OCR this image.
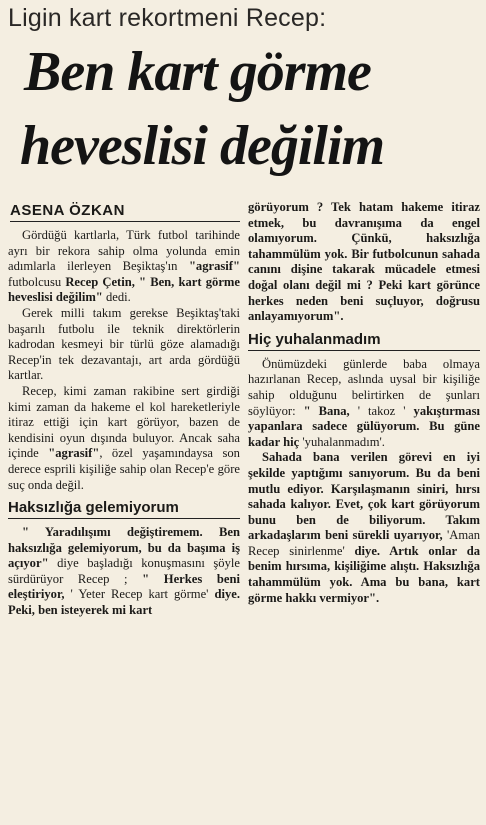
Ligin kart rekortmeni Recep:
Ben kart görme
heveslisi değilim
ASENA ÖZKAN

Gördüğü kartlarla, Türk futbol tarihinde ayrı bir rekora sahip olma yolunda emin adımlarla ilerleyen Beşiktaş'ın "agrasif" futbolcusu Recep Çetin, " Ben, kart görme heveslisi değilim" dedi.

Gerek milli takım gerekse Beşiktaş'taki başarılı futbolu ile teknik direktörlerin kadrodan kesmeyi bir türlü göze alamadığı Recep'in tek dezavantajı, art arda gördüğü kartlar.

Recep, kimi zaman rakibine sert girdiği kimi zaman da hakeme el kol hareketleriyle itiraz ettiği için kart görüyor, bazen de kendisini oyun dışında buluyor. Ancak saha içinde "agrasif", özel yaşamındaysa son derece esprili kişiliğe sahip olan Recep'e göre suç onda değil.

Haksızlığa gelemiyorum

" Yaradılışımı değiştiremem. Ben haksızlığa gelemiyorum, bu da başıma iş açıyor" diye başladığı konuşmasını şöyle sürdürüyor Recep ; " Herkes beni eleştiriyor, ' Yeter Recep kart görme' diye. Peki, ben isteyerek mi kart

görüyorum ? Tek hatam hakeme itiraz etmek, bu davranışıma da engel olamıyorum. Çünkü, haksızlığa tahammülüm yok. Bir futbolcunun sahada canını dişine takarak mücadele etmesi doğal olanı değil mi ? Peki kart görünce herkes neden beni suçluyor, doğrusu anlayamıyorum".

Hiç yuhalanmadım

Önümüzdeki günlerde baba olmaya hazırlanan Recep, aslında uysal bir kişiliğe sahip olduğunu belirtirken de şunları söylüyor: " Bana, ' takoz ' yakıştırması yapanlara sadece gülüyorum. Bu güne kadar hiç 'yuhalanmadım'.

Sahada bana verilen görevi en iyi şekilde yaptığımı sanıyorum. Bu da beni mutlu ediyor. Karşılaşmanın siniri, hırsı sahada kalıyor. Evet, çok kart görüyorum bunu ben de biliyorum. Takım arkadaşlarım beni sürekli uyarıyor, 'Aman Recep sinirlenme' diye. Artık onlar da benim hırsıma, kişiliğime alıştı. Haksızlığa tahammülüm yok. Ama bu bana, kart görme hakkı vermiyor".
